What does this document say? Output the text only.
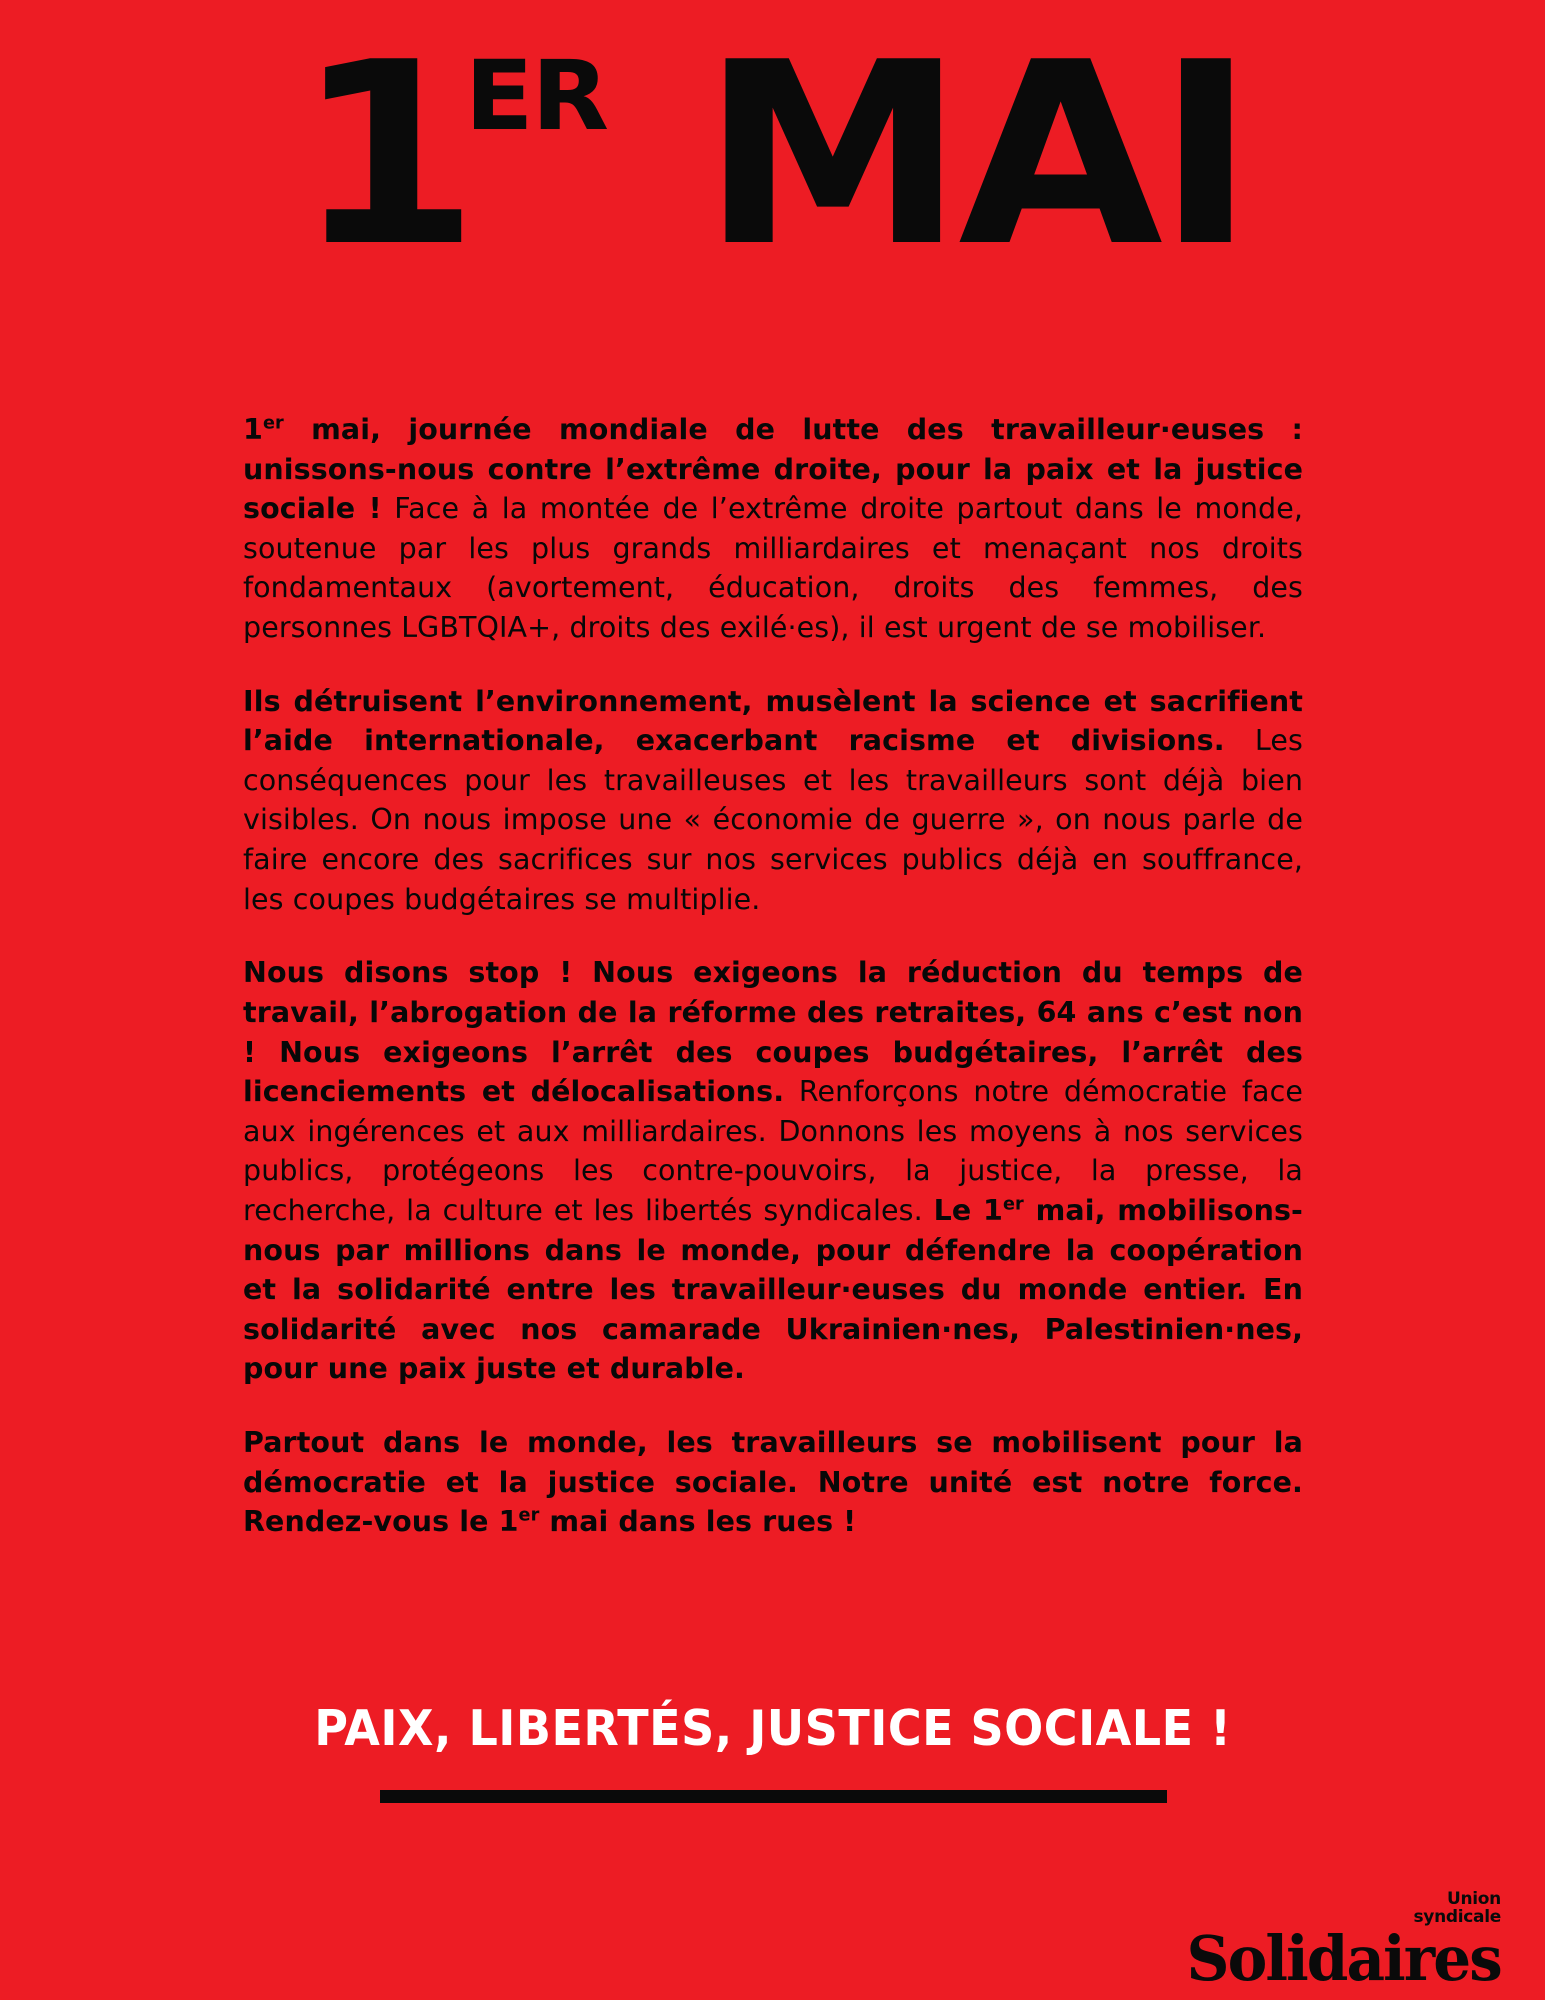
1ER MAI

1er mai, journée mondiale de lutte des travailleur·euses : unissons-nous contre l’extrême droite, pour la paix et la justice sociale ! Face à la montée de l’extrême droite partout dans le monde, soutenue par les plus grands milliardaires et menaçant nos droits fondamentaux (avortement, éducation, droits des femmes, des personnes LGBTQIA+, droits des exilé·es), il est urgent de se mobiliser.

Ils détruisent l’environnement, musèlent la science et sacrifient l’aide internationale, exacerbant racisme et divisions. Les conséquences pour les travailleuses et les travailleurs sont déjà bien visibles. On nous impose une « économie de guerre », on nous parle de faire encore des sacrifices sur nos services publics déjà en souffrance, les coupes budgétaires se multiplie.

Nous disons stop ! Nous exigeons la réduction du temps de travail, l’abrogation de la réforme des retraites, 64 ans c’est non ! Nous exigeons l’arrêt des coupes budgétaires, l’arrêt des licenciements et délocalisations. Renforçons notre démocratie face aux ingérences et aux milliardaires. Donnons les moyens à nos services publics, protégeons les contre-pouvoirs, la justice, la presse, la recherche, la culture et les libertés syndicales. Le 1er mai, mobilisons-nous par millions dans le monde, pour défendre la coopération et la solidarité entre les travailleur·euses du monde entier. En solidarité avec nos camarade Ukrainien·nes, Palestinien·nes, pour une paix juste et durable.

Partout dans le monde, les travailleurs se mobilisent pour la démocratie et la justice sociale. Notre unité est notre force. Rendez-vous le 1er mai dans les rues !

PAIX, LIBERTÉS, JUSTICE SOCIALE !
Union
syndicale
Solidaires
